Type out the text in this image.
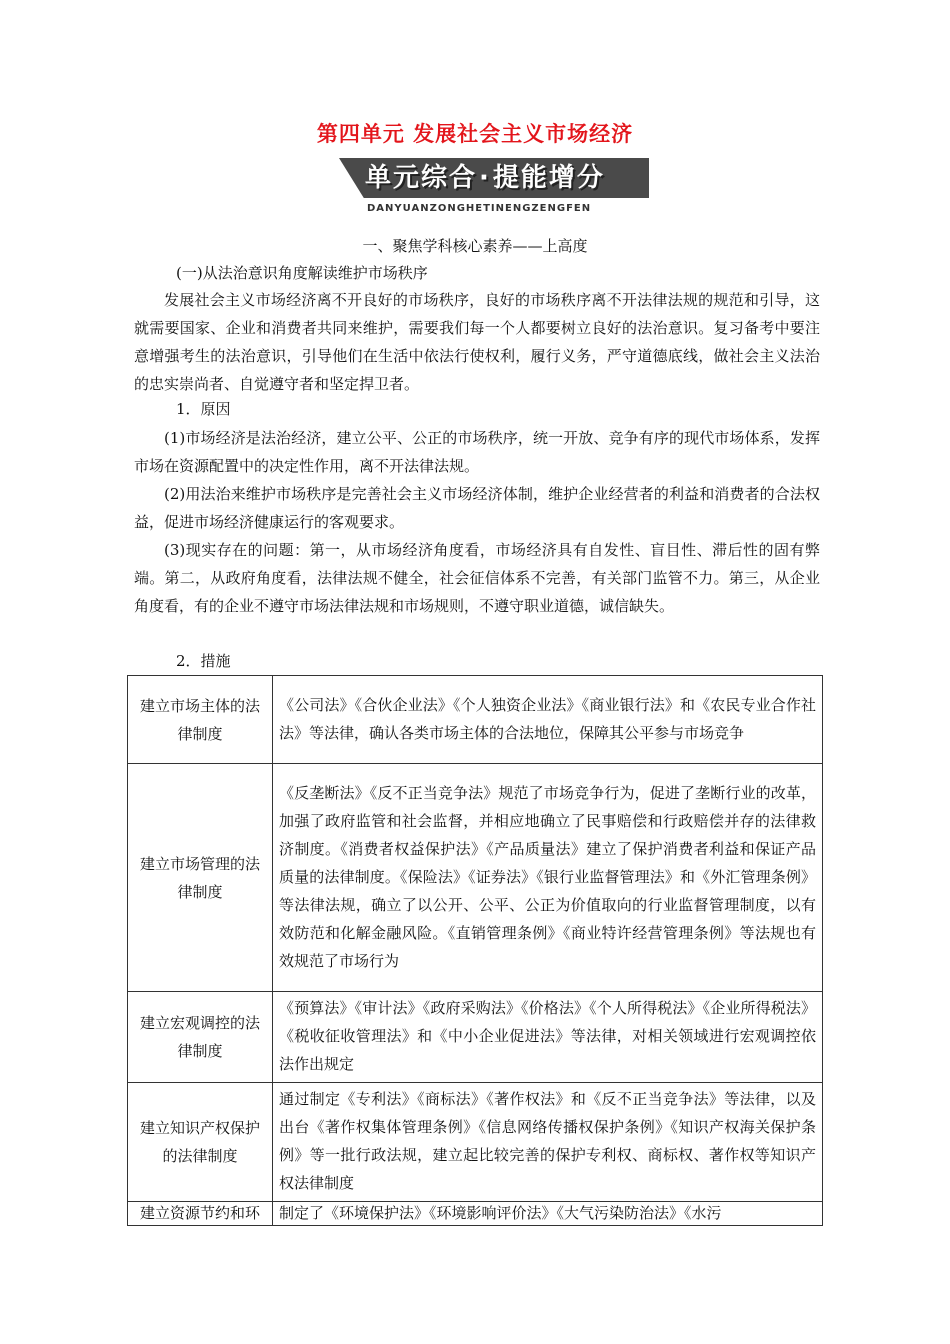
第四单元 发展社会主义市场经济
单元综合·提能增分
DANYUANZONGHETINENGZENGFEN
一、聚焦学科核心素养——上高度
(一)从法治意识角度解读维护市场秩序

发展社会主义市场经济离不开良好的市场秩序，良好的市场秩序离不开法律法规的规范和引导，这就需要国家、企业和消费者共同来维护，需要我们每一个人都要树立良好的法治意识。复习备考中要注意增强考生的法治意识，引导他们在生活中依法行使权利，履行义务，严守道德底线，做社会主义法治的忠实崇尚者、自觉遵守者和坚定捍卫者。

1．原因

(1)市场经济是法治经济，建立公平、公正的市场秩序，统一开放、竞争有序的现代市场体系，发挥市场在资源配置中的决定性作用，离不开法律法规。

(2)用法治来维护市场秩序是完善社会主义市场经济体制，维护企业经营者的利益和消费者的合法权益，促进市场经济健康运行的客观要求。

(3)现实存在的问题：第一，从市场经济角度看，市场经济具有自发性、盲目性、滞后性的固有弊端。第二，从政府角度看，法律法规不健全，社会征信体系不完善，有关部门监管不力。第三，从企业角度看，有的企业不遵守市场法律法规和市场规则，不遵守职业道德，诚信缺失。

2．措施
建立市场主体的法律制度	《公司法》《合伙企业法》《个人独资企业法》《商业银行法》和《农民专业合作社法》等法律，确认各类市场主体的合法地位，保障其公平参与市场竞争
建立市场管理的法律制度	《反垄断法》《反不正当竞争法》规范了市场竞争行为，促进了垄断行业的改革，加强了政府监管和社会监督，并相应地确立了民事赔偿和行政赔偿并存的法律救济制度。《消费者权益保护法》《产品质量法》建立了保护消费者利益和保证产品质量的法律制度。《保险法》《证券法》《银行业监督管理法》和《外汇管理条例》等法律法规，确立了以公开、公平、公正为价值取向的行业监督管理制度，以有效防范和化解金融风险。《直销管理条例》《商业特许经营管理条例》等法规也有效规范了市场行为
建立宏观调控的法律制度	《预算法》《审计法》《政府采购法》《价格法》《个人所得税法》《企业所得税法》《税收征收管理法》和《中小企业促进法》等法律，对相关领域进行宏观调控依法作出规定
建立知识产权保护的法律制度	通过制定《专利法》《商标法》《著作权法》和《反不正当竞争法》等法律，以及出台《著作权集体管理条例》《信息网络传播权保护条例》《知识产权海关保护条例》等一批行政法规，建立起比较完善的保护专利权、商标权、著作权等知识产权法律制度
建立资源节约和环	制定了《环境保护法》《环境影响评价法》《大气污染防治法》《水污
